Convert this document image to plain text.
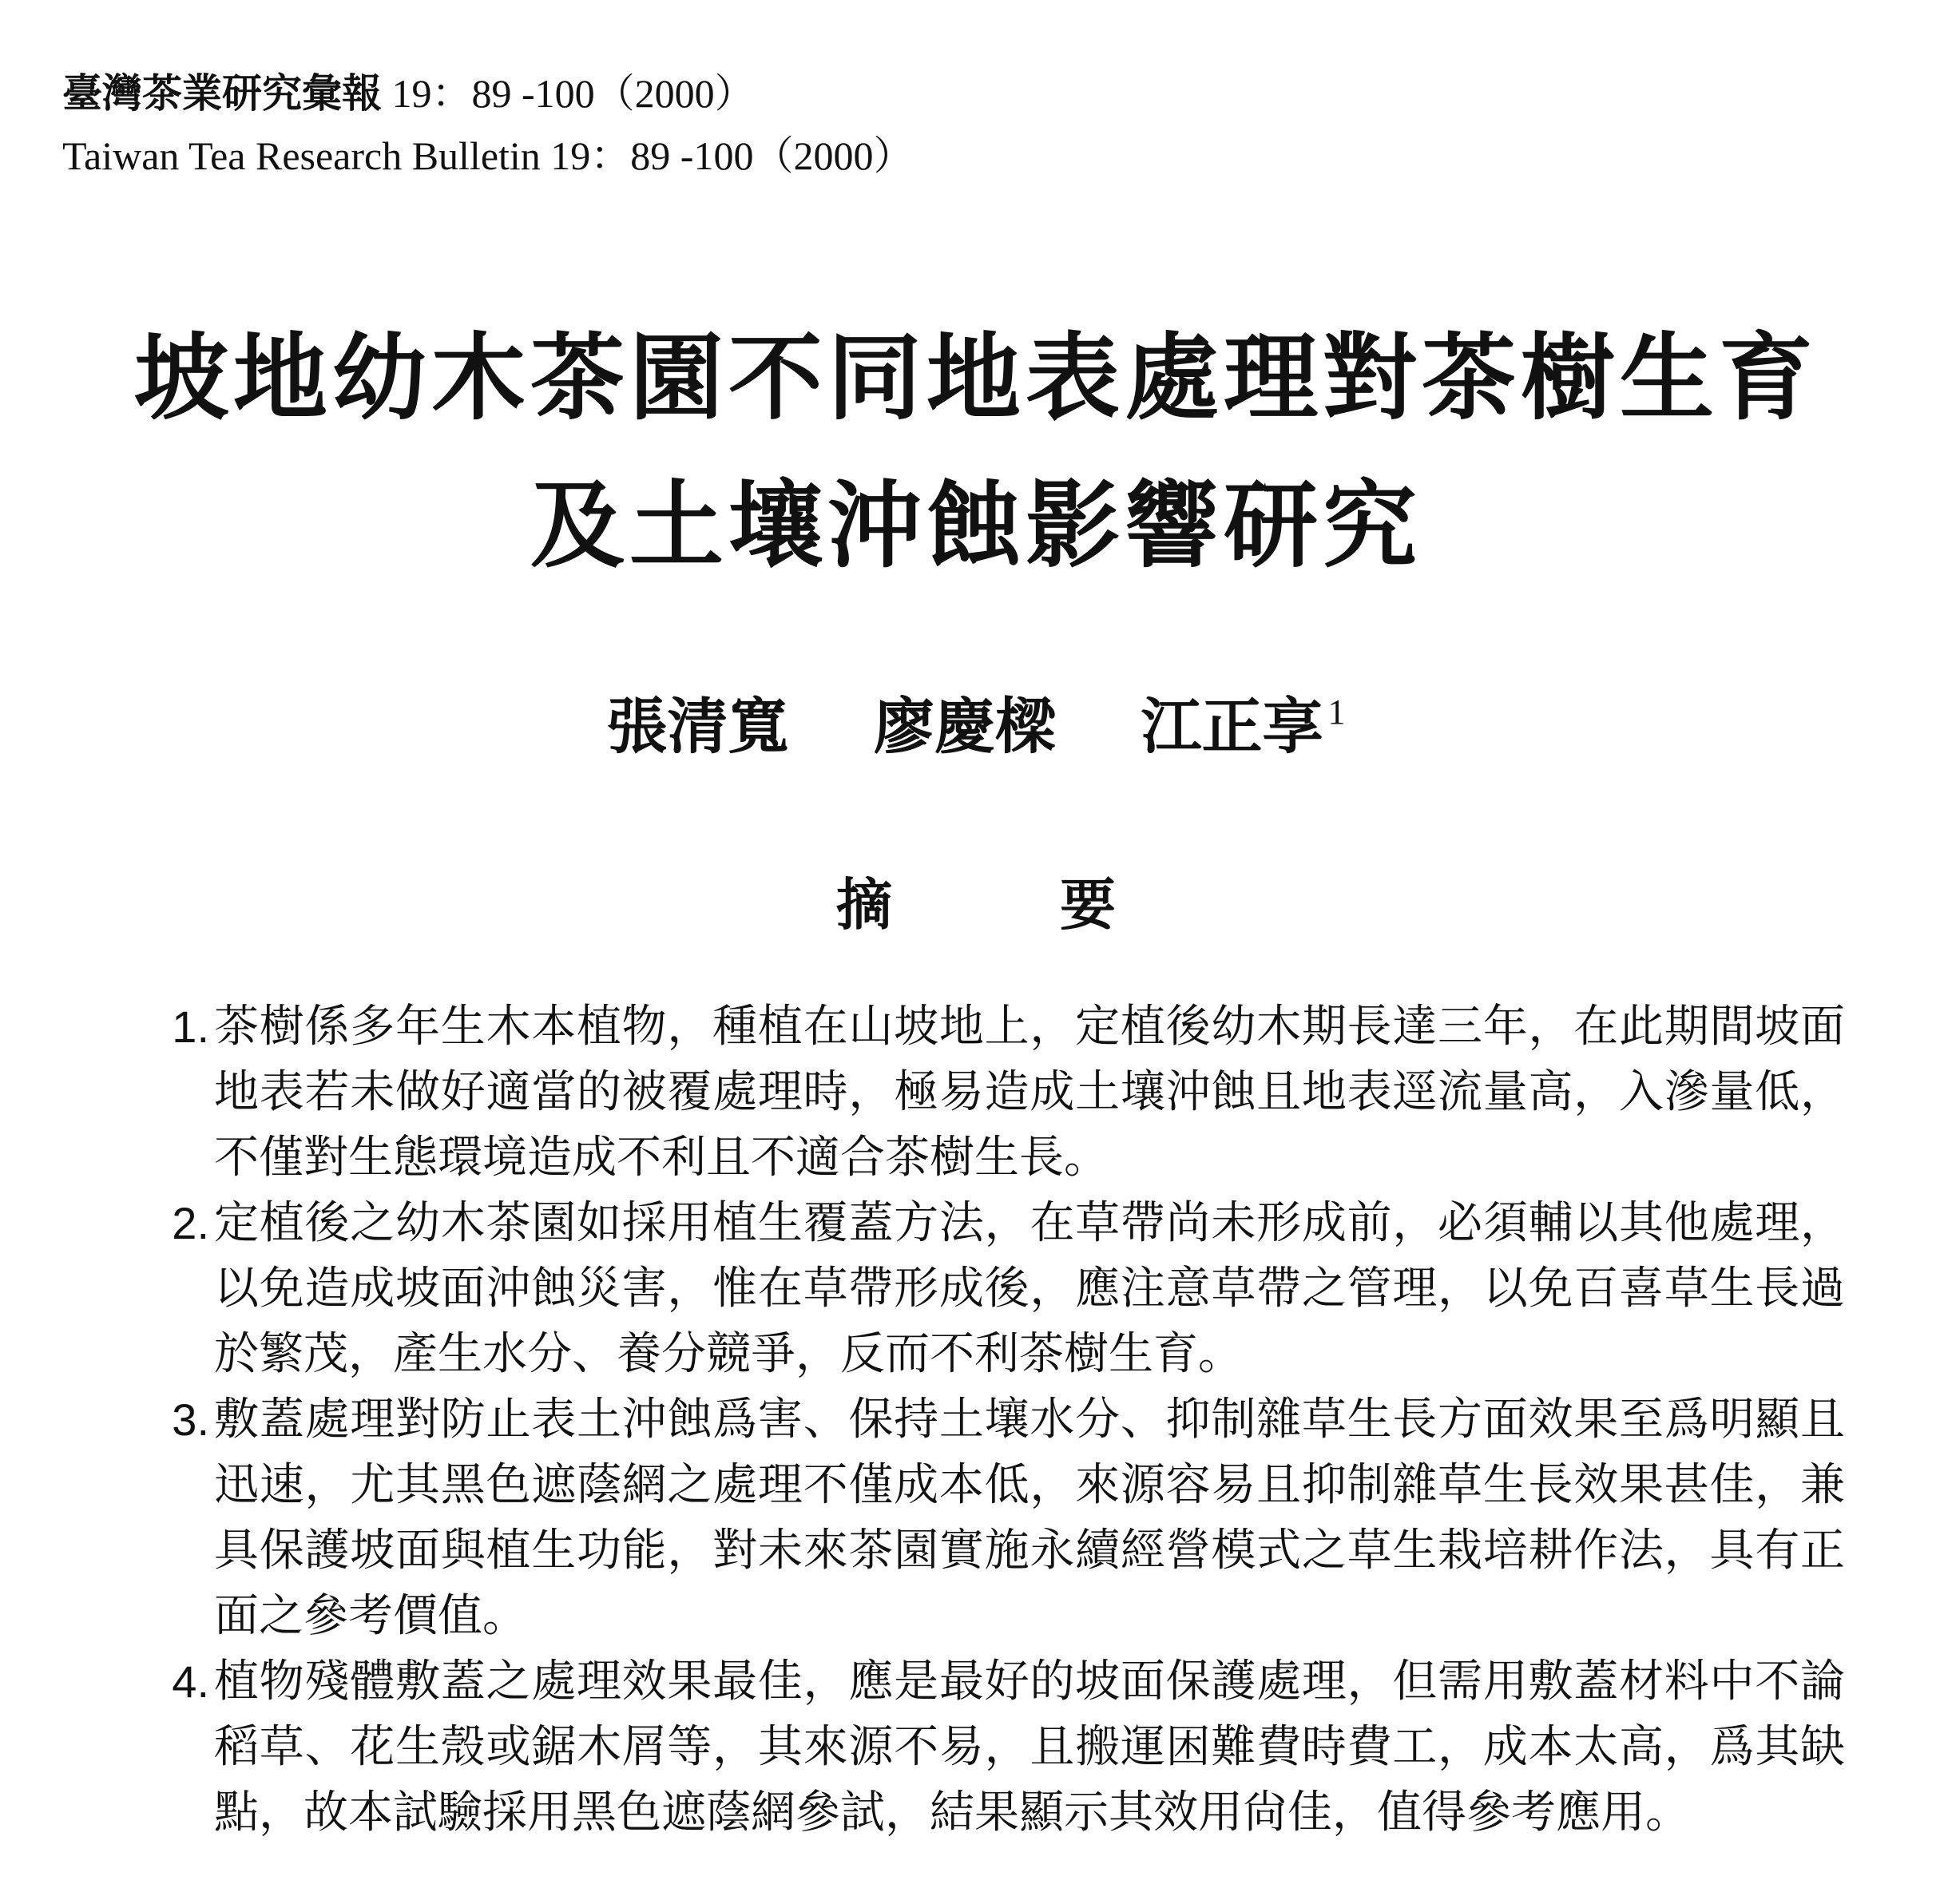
臺灣茶業研究彙報 19：89 -100（2000）
Taiwan Tea Research Bulletin 19：89 -100（2000）
坡地幼木茶園不同地表處理對茶樹生育
及土壤沖蝕影響研究
張清寬 廖慶樑 江正享 $^1$
摘要
1. 茶樹係多年生木本植物，種植在山坡地上，定植後幼木期長達三年，在此期間坡面地表若未做好適當的被覆處理時，極易造成土壤沖蝕且地表逕流量高，入滲量低，不僅對生態環境造成不利且不適合茶樹生長。
2. 定植後之幼木茶園如採用植生覆蓋方法，在草帶尚未形成前，必須輔以其他處理，以免造成坡面沖蝕災害，惟在草帶形成後，應注意草帶之管理，以免百喜草生長過於繁茂，產生水分、養分競爭，反而不利茶樹生育。
3. 敷蓋處理對防止表土沖蝕爲害、保持土壤水分、抑制雜草生長方面效果至爲明顯且迅速，尤其黑色遮蔭網之處理不僅成本低，來源容易且抑制雜草生長效果甚佳，兼具保護坡面與植生功能，對未來茶園實施永續經營模式之草生栽培耕作法，具有正面之參考價值。
4. 植物殘體敷蓋之處理效果最佳，應是最好的坡面保護處理，但需用敷蓋材料中不論稻草、花生殼或鋸木屑等，其來源不易，且搬運困難費時費工，成本太高，爲其缺點，故本試驗採用黑色遮蔭網參試，結果顯示其效用尙佳，值得參考應用。
